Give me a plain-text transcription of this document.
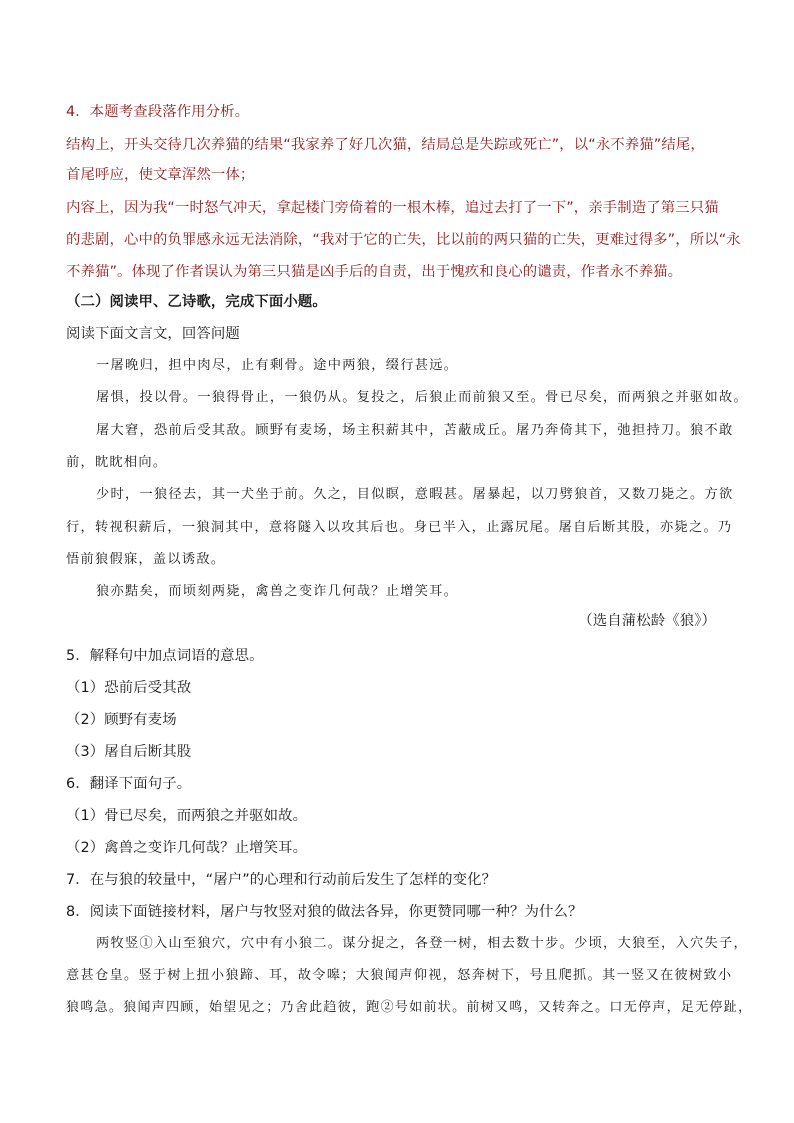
4．本题考查段落作用分析。
结构上，开头交待几次养猫的结果“我家养了好几次猫，结局总是失踪或死亡”，以“永不养猫”结尾，
首尾呼应，使文章浑然一体；
内容上，因为我“一时怒气冲天，拿起楼门旁倚着的一根木棒，追过去打了一下”，亲手制造了第三只猫
的悲剧，心中的负罪感永远无法消除，“我对于它的亡失，比以前的两只猫的亡失，更难过得多”，所以“永
不养猫”。体现了作者误认为第三只猫是凶手后的自责，出于愧疚和良心的谴责，作者永不养猫。
（二）阅读甲、乙诗歌，完成下面小题。
阅读下面文言文，回答问题
一屠晚归，担中肉尽，止有剩骨。途中两狼，缀行甚远。
屠惧，投以骨。一狼得骨止，一狼仍从。复投之，后狼止而前狼又至。骨已尽矣，而两狼之并驱如故。
屠大窘，恐前后受其敌。顾野有麦场，场主积薪其中，苫蔽成丘。屠乃奔倚其下，弛担持刀。狼不敢
前，眈眈相向。
少时，一狼径去，其一犬坐于前。久之，目似瞑，意暇甚。屠暴起，以刀劈狼首，又数刀毙之。方欲
行，转视积薪后，一狼洞其中，意将隧入以攻其后也。身已半入，止露尻尾。屠自后断其股，亦毙之。乃
悟前狼假寐，盖以诱敌。
狼亦黠矣，而顷刻两毙，禽兽之变诈几何哉？止增笑耳。
（选自蒲松龄《狼》）
5．解释句中加点词语的意思。
（1）恐前后受其敌
（2）顾野有麦场
（3）屠自后断其股
6．翻译下面句子。
（1）骨已尽矣，而两狼之并驱如故。
（2）禽兽之变诈几何哉？止增笑耳。
7．在与狼的较量中，“屠户”的心理和行动前后发生了怎样的变化？
8．阅读下面链接材料，屠户与牧竖对狼的做法各异，你更赞同哪一种？为什么？
两牧竖①入山至狼穴，穴中有小狼二。谋分捉之，各登一树，相去数十步。少顷，大狼至，入穴失子，
意甚仓皇。竖于树上扭小狼蹄、耳，故令嗥；大狼闻声仰视，怒奔树下，号且爬抓。其一竖又在彼树致小
狼鸣急。狼闻声四顾，始望见之；乃舍此趋彼，跑②号如前状。前树又鸣，又转奔之。口无停声，足无停趾，
